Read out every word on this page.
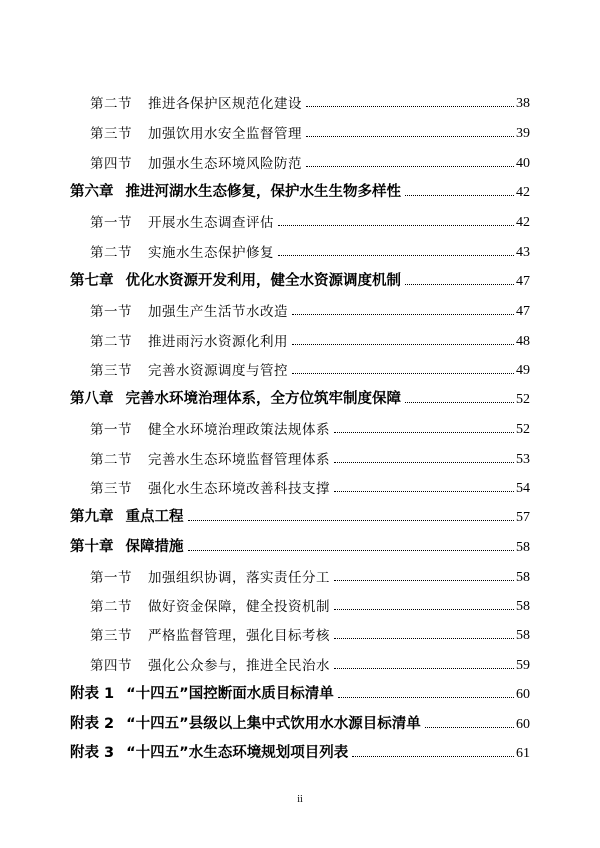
第二节 推进各保护区规范化建设	38
第三节 加强饮用水安全监督管理	39
第四节 加强水生态环境风险防范	40
第六章 推进河湖水生态修复，保护水生生物多样性	42
第一节 开展水生态调查评估	42
第二节 实施水生态保护修复	43
第七章 优化水资源开发利用，健全水资源调度机制	47
第一节 加强生产生活节水改造	47
第二节 推进雨污水资源化利用	48
第三节 完善水资源调度与管控	49
第八章 完善水环境治理体系，全方位筑牢制度保障	52
第一节 健全水环境治理政策法规体系	52
第二节 完善水生态环境监督管理体系	53
第三节 强化水生态环境改善科技支撑	54
第九章 重点工程	57
第十章 保障措施	58
第一节 加强组织协调，落实责任分工	58
第二节 做好资金保障，健全投资机制	58
第三节 严格监督管理，强化目标考核	58
第四节 强化公众参与，推进全民治水	59
附表 1 “十四五”国控断面水质目标清单	60
附表 2 “十四五”县级以上集中式饮用水水源目标清单	60
附表 3 “十四五”水生态环境规划项目列表	61
ii
